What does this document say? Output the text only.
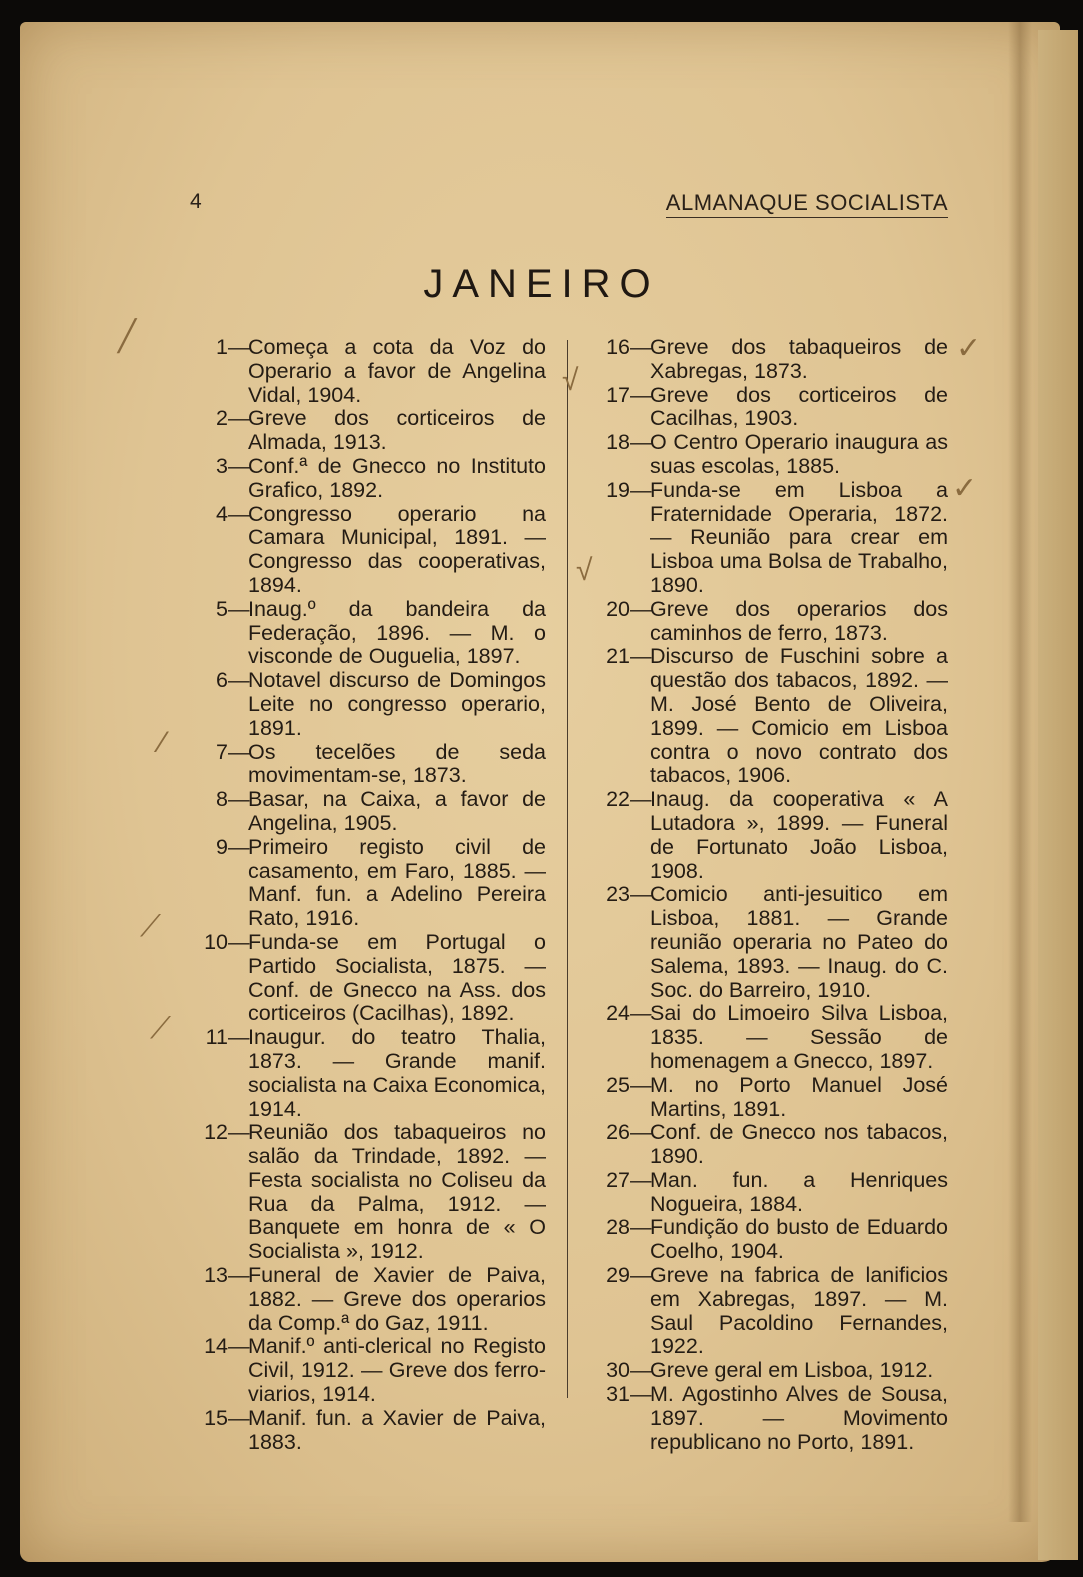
4	ALMANAQUE SOCIALISTA
JANEIRO
1 —
Começa a cota da Voz do Operario a favor de Angelina Vidal, 1904.
2 —
Greve dos corticeiros de Almada, 1913.
3 —
Conf.ª de Gnecco no Instituto Grafico, 1892.
4 —
Congresso operario na Camara Municipal, 1891. — Congresso das cooperativas, 1894.
5 —
Inaug.º da bandeira da Federação, 1896. — M. o visconde de Ouguelia, 1897.
6 —
Notavel discurso de Domingos Leite no congresso operario, 1891.
7 —
Os tecelões de seda movimentam-se, 1873.
8 —
Basar, na Caixa, a favor de Angelina, 1905.
9 —
Primeiro registo civil de casamento, em Faro, 1885. — Manf. fun. a Adelino Pereira Rato, 1916.
10 —
Funda-se em Portugal o Partido Socialista, 1875. — Conf. de Gnecco na Ass. dos corticeiros (Cacilhas), 1892.
11 —
Inaugur. do teatro Thalia, 1873. — Grande manif. socialista na Caixa Economica, 1914.
12 —
Reunião dos tabaqueiros no salão da Trindade, 1892. — Festa socialista no Coliseu da Rua da Palma, 1912. — Banquete em honra de « O Socialista », 1912.
13 —
Funeral de Xavier de Paiva, 1882. — Greve dos operarios da Comp.ª do Gaz, 1911.
14 —
Manif.º anti-clerical no Registo Civil, 1912. — Greve dos ferro-viarios, 1914.
15 —
Manif. fun. a Xavier de Paiva, 1883.
16 —
Greve dos tabaqueiros de Xabregas, 1873.
17 —
Greve dos corticeiros de Cacilhas, 1903.
18 —
O Centro Operario inaugura as suas escolas, 1885.
19 —
Funda-se em Lisboa a Fraternidade Operaria, 1872. — Reunião para crear em Lisboa uma Bolsa de Trabalho, 1890.
20 —
Greve dos operarios dos caminhos de ferro, 1873.
21 —
Discurso de Fuschini sobre a questão dos tabacos, 1892. — M. José Bento de Oliveira, 1899. — Comicio em Lisboa contra o novo contrato dos tabacos, 1906.
22 —
Inaug. da cooperativa « A Lutadora », 1899. — Funeral de Fortunato João Lisboa, 1908.
23 —
Comicio anti-jesuitico em Lisboa, 1881. — Grande reunião operaria no Pateo do Salema, 1893. — Inaug. do C. Soc. do Barreiro, 1910.
24 —
Sai do Limoeiro Silva Lisboa, 1835. — Sessão de homenagem a Gnecco, 1897.
25 —
M. no Porto Manuel José Martins, 1891.
26 —
Conf. de Gnecco nos tabacos, 1890.
27 —
Man. fun. a Henriques Nogueira, 1884.
28 —
Fundição do busto de Eduardo Coelho, 1904.
29 —
Greve na fabrica de lanificios em Xabregas, 1897. — M. Saul Pacoldino Fernandes, 1922.
30 —
Greve geral em Lisboa, 1912.
31 —
M. Agostinho Alves de Sousa, 1897. — Movimento republicano no Porto, 1891.
╱	✓
√
✓
√
⁄
⟋
⟋
